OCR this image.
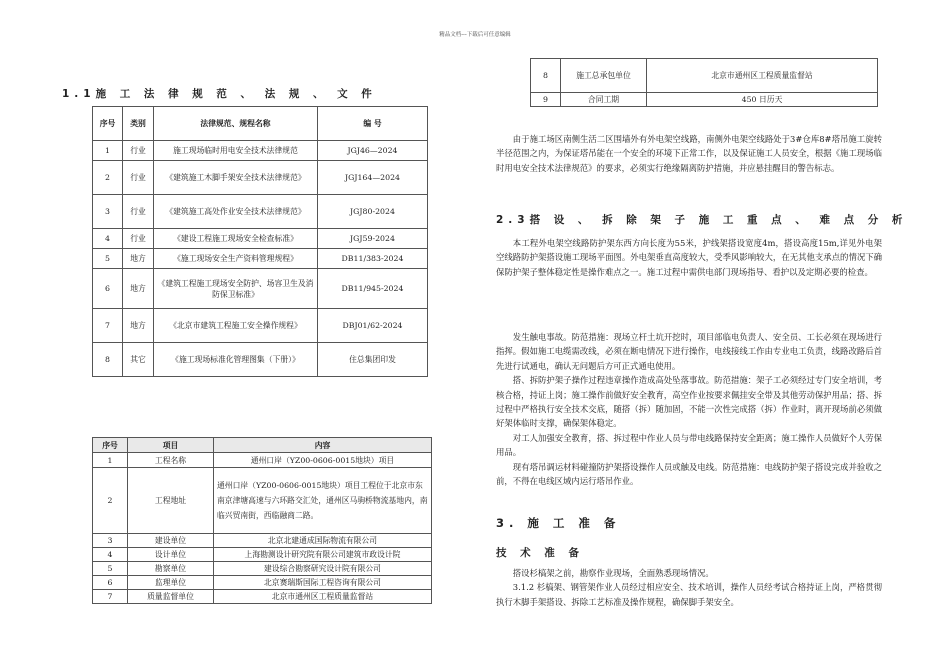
精品文档---下载后可任意编辑
1.1施 工 法 律 规 范 、 法 规 、 文 件
序号	类别	法律规范、规程名称	编 号
1	行业	施工现场临时用电安全技术法律规范	JGJ46—2024
2	行业	《建筑施工木脚手架安全技术法律规范》	JGJ164—2024
3	行业	《建筑施工高处作业安全技术法律规范》	JGJ80-2024
4	行业	《建设工程施工现场安全检查标准》	JGJ59-2024
5	地方	《施工现场安全生产资料管理规程》	DB11/383-2024
6	地方	《建筑工程施工现场安全防护、场容卫生及消防保卫标准》	DB11/945-2024
7	地方	《北京市建筑工程施工安全操作规程》	DBJ01/62-2024
8	其它	《施工现场标准化管理图集（下册）》	住总集团印发
序号	项目	内容
1	工程名称	通州口岸（YZ00-0606-0015地块）项目
2	工程地址	通州口岸（YZ00-0606-0015地块）项目工程位于北京市东南京津塘高速与六环路交汇处，通州区马驹桥物流基地内，南临兴贸南街，西临融商二路。
3	建设单位	北京北建通成国际物流有限公司
4	设计单位	上海勘测设计研究院有限公司建筑市政设计院
5	勘察单位	建设综合勘察研究设计院有限公司
6	监理单位	北京赛瑞斯国际工程咨询有限公司
7	质量监督单位	北京市通州区工程质量监督站
8	施工总承包单位	北京市通州区工程质量监督站
9	合同工期	450 日历天

由于施工场区南侧生活二区围墙外有外电架空线路，南侧外电架空线路处于3#仓库8#塔吊施工旋转半径范围之内，为保证塔吊能在一个安全的环境下正常工作，以及保证施工人员安全，根据《施工现场临时用电安全技术法律规范》的要求，必须实行绝缘隔离防护措施，并应悬挂醒目的警告标志。

2.3搭 设 、 拆 除 架 子 施 工 重 点 、 难 点 分 析

本工程外电架空线路防护架东西方向长度为55米，护线架搭设宽度4m，搭设高度15m,详见外电架空线路防护架搭设施工现场平面图。外电架垂直高度较大，受季风影响较大，在无其他支承点的情况下确保防护架子整体稳定性是操作难点之一。施工过程中需供电部门现场指导、看护以及定期必要的检查。

发生触电事故。防范措施：现场立杆土坑开挖时，项目部临电负责人、安全员、工长必须在现场进行指挥。假如施工电缆需改线，必须在断电情况下进行操作，电线接线工作由专业电工负责，线路改路后首先进行试通电，确认无问题后方可正式通电使用。

搭、拆防护架子操作过程违章操作造成高处坠落事故。防范措施：架子工必须经过专门安全培训，考核合格，持证上岗；施工操作前做好安全教育，高空作业按要求佩挂安全带及其他劳动保护用品；搭、拆过程中严格执行安全技术交底，随搭（拆）随加固，不能一次性完成搭（拆）作业时，离开现场前必须做好架体临时支撑，确保架体稳定。

对工人加强安全教育，搭、拆过程中作业人员与带电线路保持安全距离；施工操作人员做好个人劳保用品。

现有塔吊调运材料碰撞防护架搭设操作人员或触及电线。防范措施：电线防护架子搭设完成并验收之前，不得在电线区域内运行塔吊作业。

3. 施 工 准 备
技 术 准 备

搭设杉槁架之前，勘察作业现场，全面熟悉现场情况。

3.1.2 杉槁架、钢管架作业人员经过相应安全、技术培训，操作人员经考试合格持证上岗，严格贯彻执行木脚手架搭设、拆除工艺标准及操作规程，确保脚手架安全。
